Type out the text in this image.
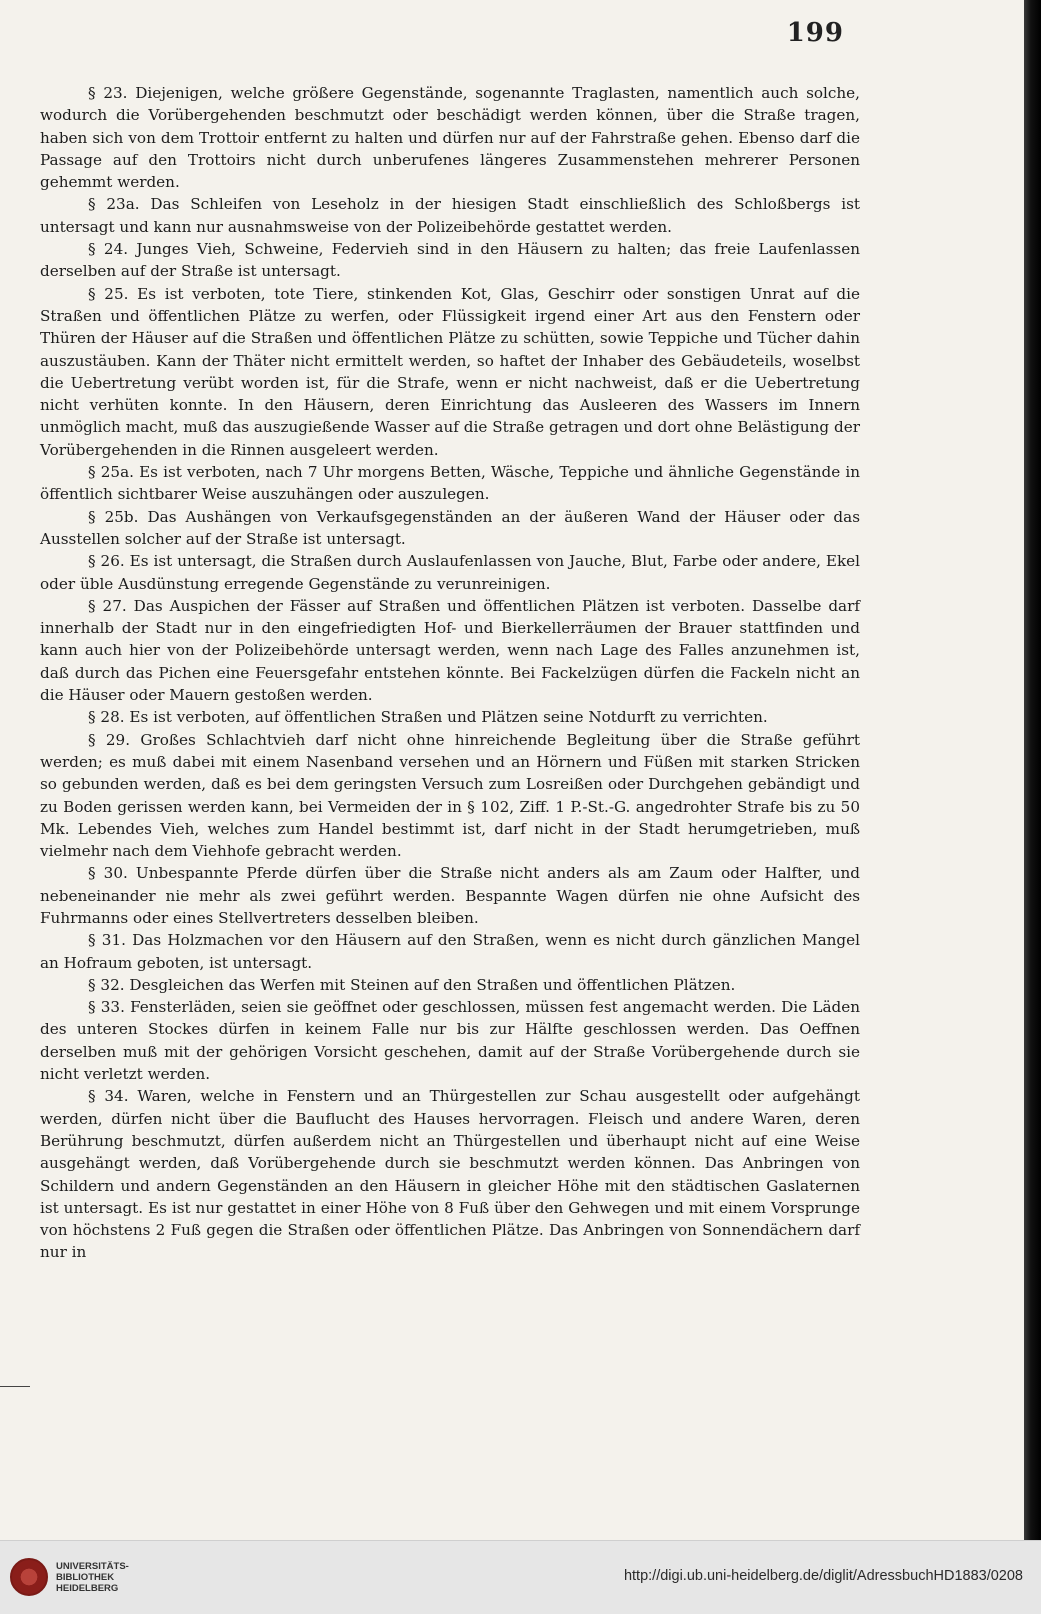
199

§ 23. Diejenigen, welche größere Gegenstände, sogenannte Traglasten, namentlich auch solche, wodurch die Vorübergehenden beschmutzt oder beschädigt werden können, über die Straße tragen, haben sich von dem Trottoir entfernt zu halten und dürfen nur auf der Fahrstraße gehen. Ebenso darf die Passage auf den Trottoirs nicht durch unberufenes längeres Zusammenstehen mehrerer Personen gehemmt werden.

§ 23a. Das Schleifen von Leseholz in der hiesigen Stadt einschließlich des Schloßbergs ist untersagt und kann nur ausnahmsweise von der Polizeibehörde gestattet werden.

§ 24. Junges Vieh, Schweine, Federvieh sind in den Häusern zu halten; das freie Laufenlassen derselben auf der Straße ist untersagt.

§ 25. Es ist verboten, tote Tiere, stinkenden Kot, Glas, Geschirr oder sonstigen Unrat auf die Straßen und öffentlichen Plätze zu werfen, oder Flüssigkeit irgend einer Art aus den Fenstern oder Thüren der Häuser auf die Straßen und öffentlichen Plätze zu schütten, sowie Teppiche und Tücher dahin auszustäuben. Kann der Thäter nicht ermittelt werden, so haftet der Inhaber des Gebäudeteils, woselbst die Uebertretung verübt worden ist, für die Strafe, wenn er nicht nachweist, daß er die Uebertretung nicht verhüten konnte. In den Häusern, deren Einrichtung das Ausleeren des Wassers im Innern unmöglich macht, muß das auszugießende Wasser auf die Straße getragen und dort ohne Belästigung der Vorübergehenden in die Rinnen ausgeleert werden.

§ 25a. Es ist verboten, nach 7 Uhr morgens Betten, Wäsche, Teppiche und ähnliche Gegenstände in öffentlich sichtbarer Weise auszuhängen oder auszulegen.

§ 25b. Das Aushängen von Verkaufsgegenständen an der äußeren Wand der Häuser oder das Ausstellen solcher auf der Straße ist untersagt.

§ 26. Es ist untersagt, die Straßen durch Auslaufenlassen von Jauche, Blut, Farbe oder andere, Ekel oder üble Ausdünstung erregende Gegenstände zu verunreinigen.

§ 27. Das Auspichen der Fässer auf Straßen und öffentlichen Plätzen ist verboten. Dasselbe darf innerhalb der Stadt nur in den eingefriedigten Hof- und Bierkellerräumen der Brauer stattfinden und kann auch hier von der Polizeibehörde untersagt werden, wenn nach Lage des Falles anzunehmen ist, daß durch das Pichen eine Feuersgefahr entstehen könnte. Bei Fackelzügen dürfen die Fackeln nicht an die Häuser oder Mauern gestoßen werden.

§ 28. Es ist verboten, auf öffentlichen Straßen und Plätzen seine Notdurft zu verrichten.

§ 29. Großes Schlachtvieh darf nicht ohne hinreichende Begleitung über die Straße geführt werden; es muß dabei mit einem Nasenband versehen und an Hörnern und Füßen mit starken Stricken so gebunden werden, daß es bei dem geringsten Versuch zum Losreißen oder Durchgehen gebändigt und zu Boden gerissen werden kann, bei Vermeiden der in § 102, Ziff. 1 P.-St.-G. angedrohter Strafe bis zu 50 Mk. Lebendes Vieh, welches zum Handel bestimmt ist, darf nicht in der Stadt herumgetrieben, muß vielmehr nach dem Viehhofe gebracht werden.

§ 30. Unbespannte Pferde dürfen über die Straße nicht anders als am Zaum oder Halfter, und nebeneinander nie mehr als zwei geführt werden. Bespannte Wagen dürfen nie ohne Aufsicht des Fuhrmanns oder eines Stellvertreters desselben bleiben.

§ 31. Das Holzmachen vor den Häusern auf den Straßen, wenn es nicht durch gänzlichen Mangel an Hofraum geboten, ist untersagt.

§ 32. Desgleichen das Werfen mit Steinen auf den Straßen und öffentlichen Plätzen.

§ 33. Fensterläden, seien sie geöffnet oder geschlossen, müssen fest angemacht werden. Die Läden des unteren Stockes dürfen in keinem Falle nur bis zur Hälfte geschlossen werden. Das Oeffnen derselben muß mit der gehörigen Vorsicht geschehen, damit auf der Straße Vorübergehende durch sie nicht verletzt werden.

§ 34. Waren, welche in Fenstern und an Thürgestellen zur Schau ausgestellt oder aufgehängt werden, dürfen nicht über die Bauflucht des Hauses hervorragen. Fleisch und andere Waren, deren Berührung beschmutzt, dürfen außerdem nicht an Thürgestellen und überhaupt nicht auf eine Weise ausgehängt werden, daß Vorübergehende durch sie beschmutzt werden können. Das Anbringen von Schildern und andern Gegenständen an den Häusern in gleicher Höhe mit den städtischen Gaslaternen ist untersagt. Es ist nur gestattet in einer Höhe von 8 Fuß über den Gehwegen und mit einem Vorsprunge von höchstens 2 Fuß gegen die Straßen oder öffentlichen Plätze. Das Anbringen von Sonnendächern darf nur in

UNIVERSITÄTS-
BIBLIOTHEK
HEIDELBERG
http://digi.ub.uni-heidelberg.de/diglit/AdressbuchHD1883/0208
